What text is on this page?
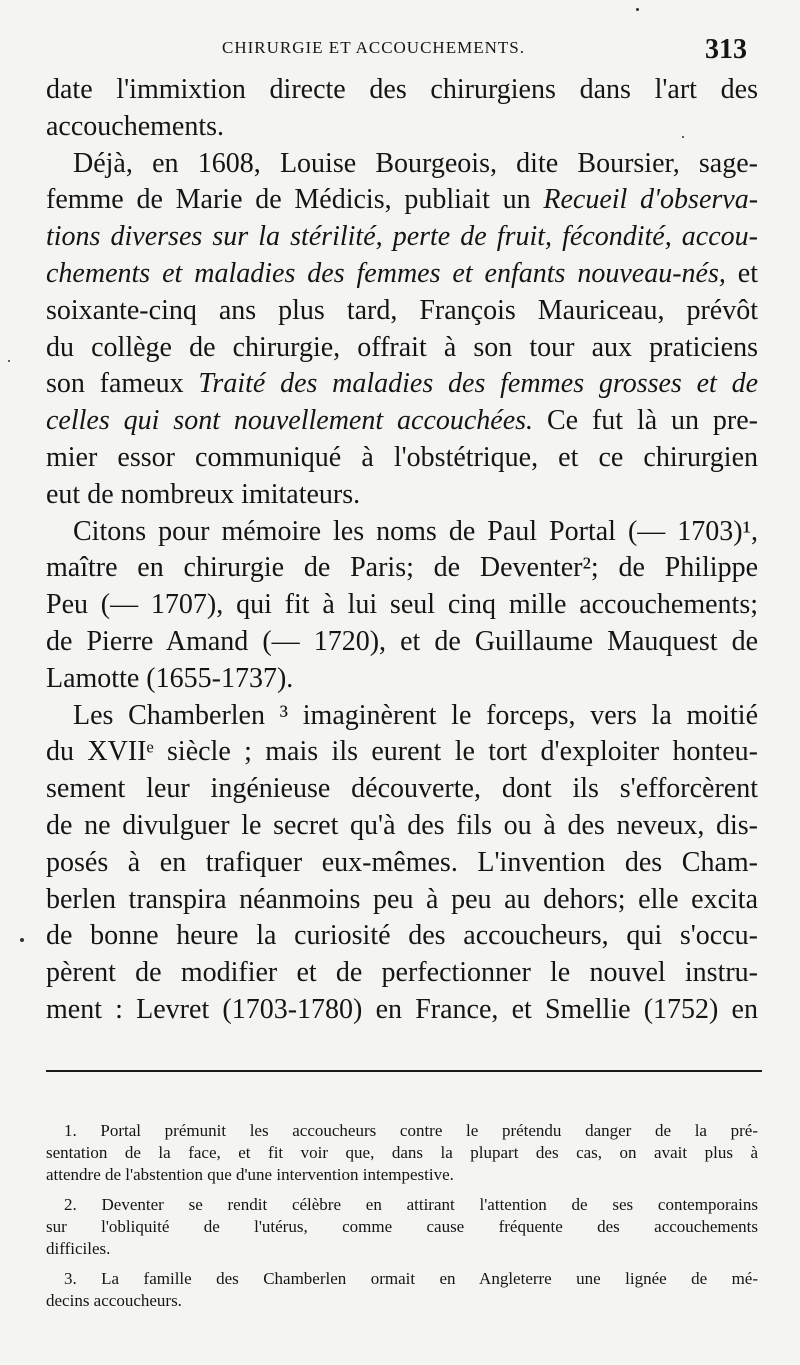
CHIRURGIE ET ACCOUCHEMENTS.	313
date l'immixtion directe des chirurgiens dans l'art des
accouchements.
Déjà, en 1608, Louise Bourgeois, dite Boursier, sage-
femme de Marie de Médicis, publiait un Recueil d'observa-
tions diverses sur la stérilité, perte de fruit, fécondité, accou-
chements et maladies des femmes et enfants nouveau-nés, et
soixante-cinq ans plus tard, François Mauriceau, prévôt
du collège de chirurgie, offrait à son tour aux praticiens
son fameux Traité des maladies des femmes grosses et de
celles qui sont nouvellement accouchées. Ce fut là un pre-
mier essor communiqué à l'obstétrique, et ce chirurgien
eut de nombreux imitateurs.
Citons pour mémoire les noms de Paul Portal (— 1703)¹,
maître en chirurgie de Paris; de Deventer²; de Philippe
Peu (— 1707), qui fit à lui seul cinq mille accouchements;
de Pierre Amand (— 1720), et de Guillaume Mauquest de
Lamotte (1655-1737).
Les Chamberlen ³ imaginèrent le forceps, vers la moitié
du XVIIᵉ siècle ; mais ils eurent le tort d'exploiter honteu-
sement leur ingénieuse découverte, dont ils s'efforcèrent
de ne divulguer le secret qu'à des fils ou à des neveux, dis-
posés à en trafiquer eux-mêmes. L'invention des Cham-
berlen transpira néanmoins peu à peu au dehors; elle excita
de bonne heure la curiosité des accoucheurs, qui s'occu-
pèrent de modifier et de perfectionner le nouvel instru-
ment : Levret (1703-1780) en France, et Smellie (1752) en
1. Portal prémunit les accoucheurs contre le prétendu danger de la pré-
sentation de la face, et fit voir que, dans la plupart des cas, on avait plus à
attendre de l'abstention que d'une intervention intempestive.
2. Deventer se rendit célèbre en attirant l'attention de ses contemporains
sur l'obliquité de l'utérus, comme cause fréquente des accouchements
difficiles.
3. La famille des Chamberlen ormait en Angleterre une lignée de mé-
decins accoucheurs.
